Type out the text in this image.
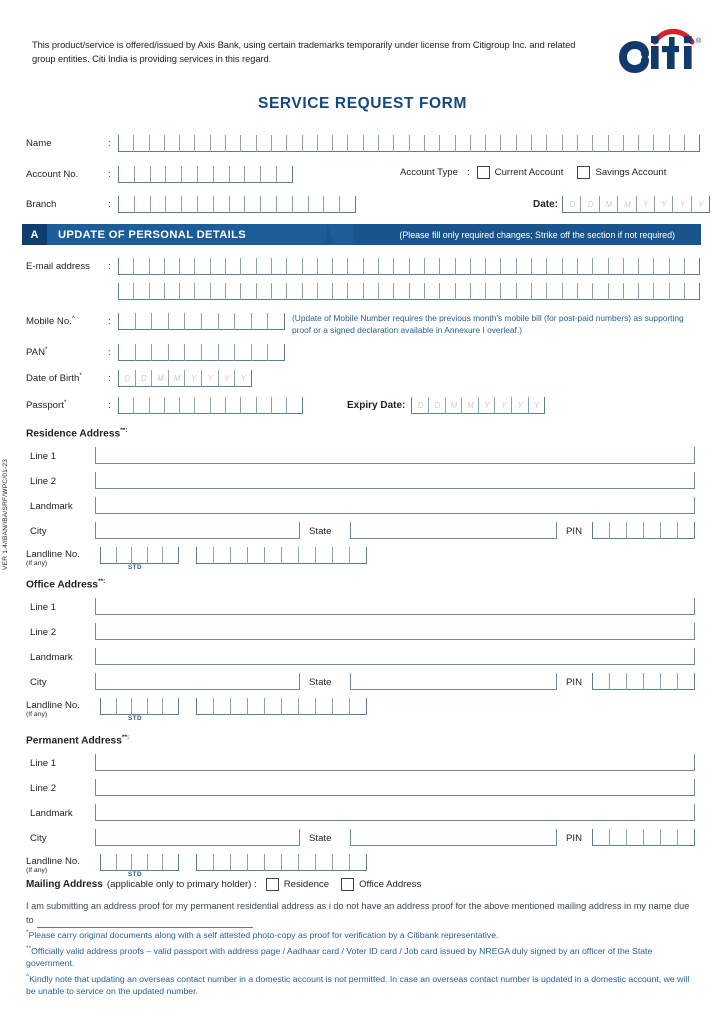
This product/service is offered/issued by Axis Bank, using certain trademarks temporarily under license from Citigroup Inc. and related group entities. Citi India is providing services in this regard.
®
SERVICE REQUEST FORM
VER 1.4/IBAN/IBA/SRF/WPC/01-23
Name	:
Account No.	:	Account Type :	Current Account	Savings Account
Branch	:	Date:	D	D	M	M	Y	Y	Y	Y
A	UPDATE OF PERSONAL DETAILS	(Please fill only required changes; Strike off the section if not required)
E-mail address	:
Mobile No.^	:	(Update of Mobile Number requires the previous month's mobile bill (for post-paid numbers) as supporting proof or a signed declaration available in Annexure I overleaf.)
PAN*	:
Date of Birth*	:	D	D	M	M	Y	Y	Y	Y
Passport*	:	Expiry Date:	D	D	M	M	Y	Y	Y	Y
Residence Address**:
Line 1
Line 2
Landmark
City	State	PIN
Landline No.
(If any)
STD
Office Address**:
Line 1
Line 2
Landmark
City	State	PIN
Landline No.
(If any)
STD
Permanent Address**:
Line 1
Line 2
Landmark
City	State	PIN
Landline No.
(If any)
STD
Mailing Address (applicable only to primary holder) :	Residence	Office Address
I am submitting an address proof for my permanent residential address as i do not have an address proof for the above mentioned mailing address in my name due to
*Please carry original documents along with a self attested photo-copy as proof for verification by a Citibank representative.
**Officially valid address proofs – valid passport with address page / Aadhaar card / Voter ID card / Job card issued by NREGA duly signed by an officer of the State government.
^Kindly note that updating an overseas contact number in a domestic account is not permitted. In case an overseas contact number is updated in a domestic account, we will be unable to service on the updated number.
